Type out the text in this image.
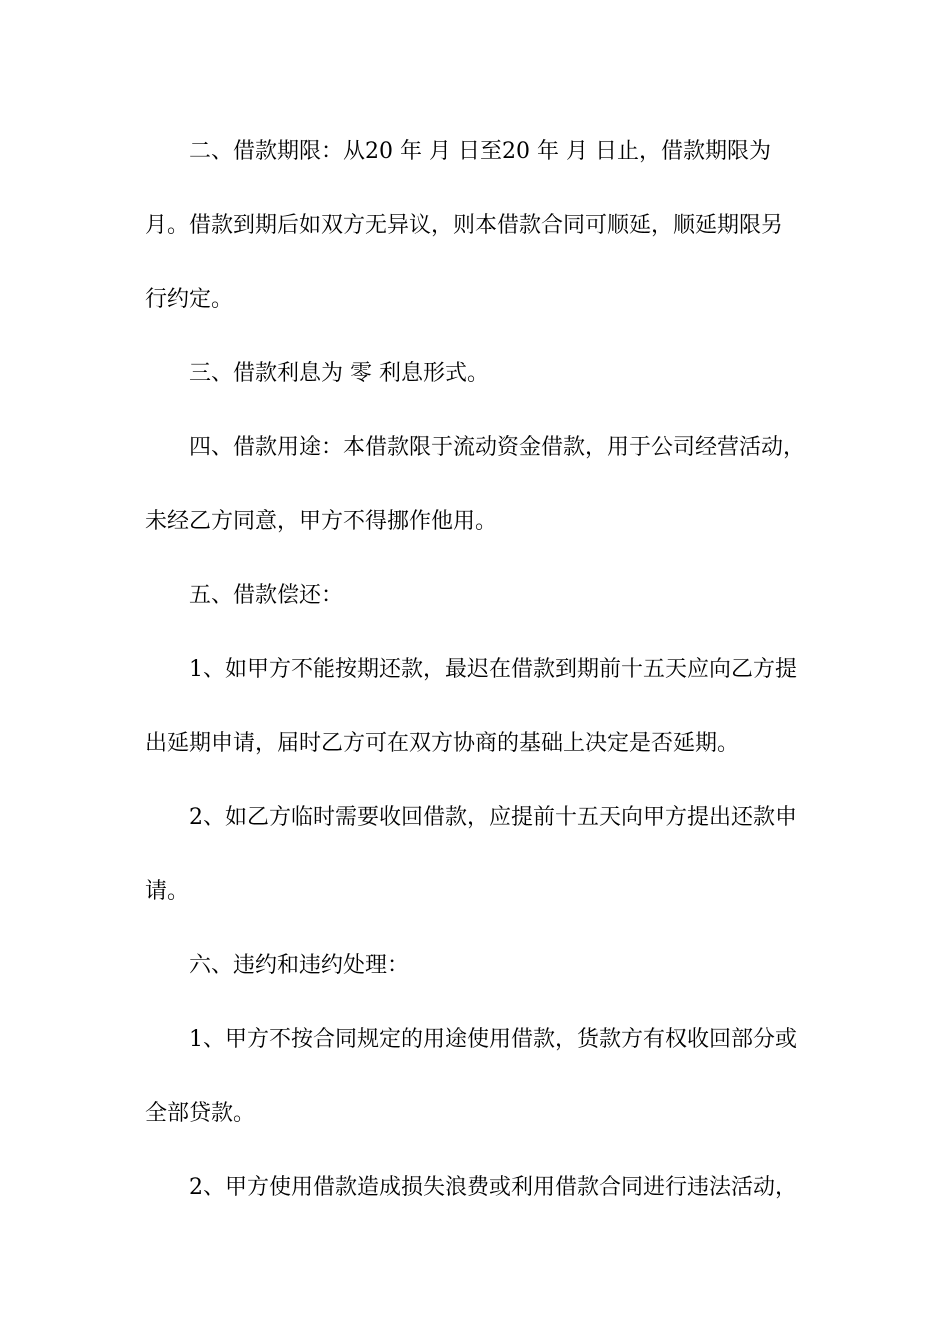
二、借款期限：从20 年 月 日至20 年 月 日止，借款期限为
月。借款到期后如双方无异议，则本借款合同可顺延，顺延期限另
行约定。
三、借款利息为 零 利息形式。
四、借款用途：本借款限于流动资金借款，用于公司经营活动，
未经乙方同意，甲方不得挪作他用。
五、借款偿还：
1、如甲方不能按期还款，最迟在借款到期前十五天应向乙方提
出延期申请，届时乙方可在双方协商的基础上决定是否延期。
2、如乙方临时需要收回借款，应提前十五天向甲方提出还款申
请。
六、违约和违约处理：
1、甲方不按合同规定的用途使用借款，货款方有权收回部分或
全部贷款。
2、甲方使用借款造成损失浪费或利用借款合同进行违法活动，
